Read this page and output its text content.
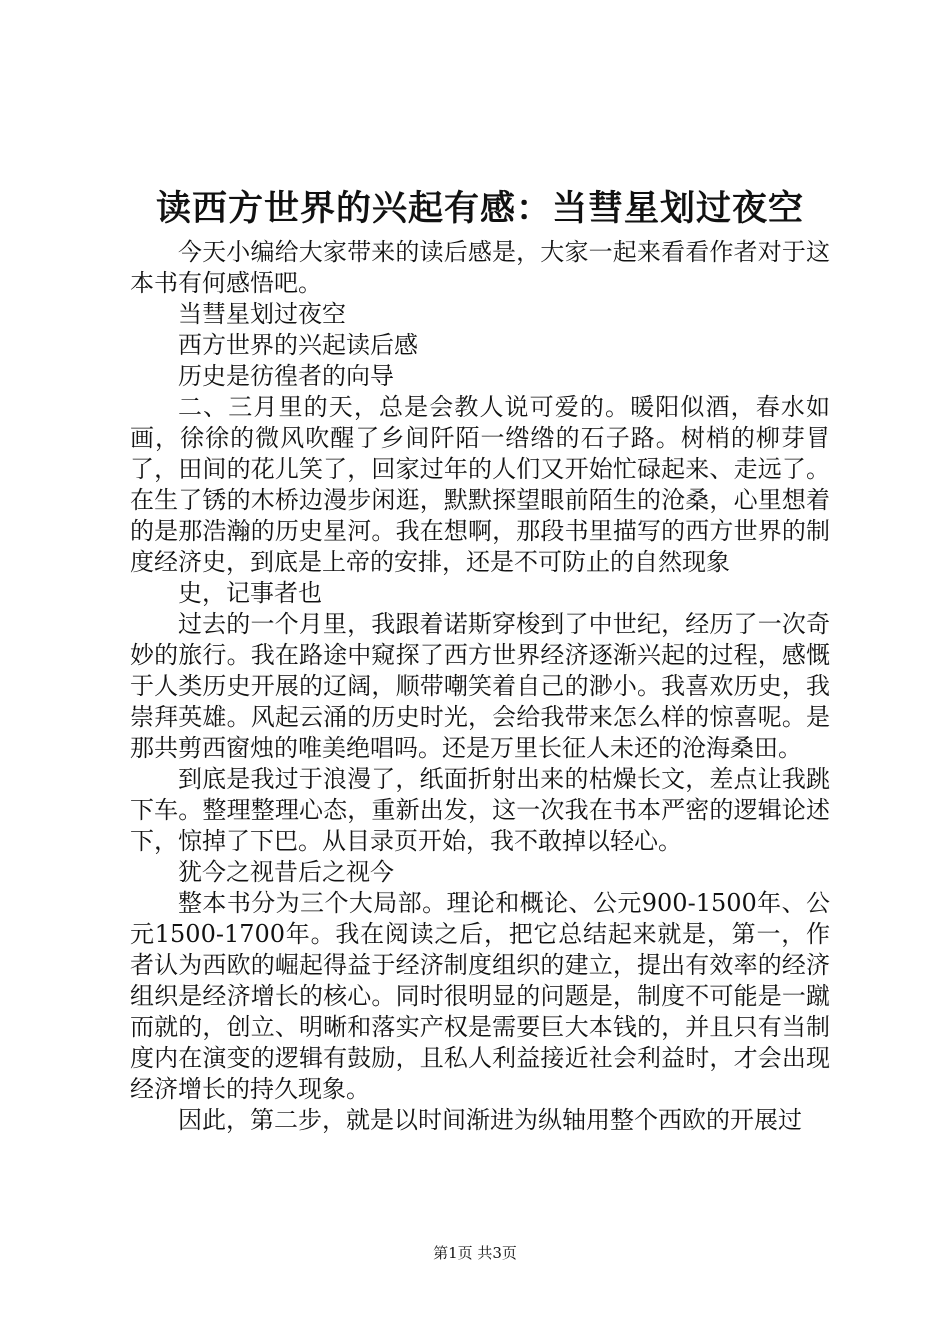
读西方世界的兴起有感：当彗星划过夜空

今天小编给大家带来的读后感是，大家一起来看看作者对于这本书有何感悟吧。

当彗星划过夜空

西方世界的兴起读后感

历史是彷徨者的向导

二、三月里的天，总是会教人说可爱的。暖阳似酒，春水如画，徐徐的微风吹醒了乡间阡陌一绺绺的石子路。树梢的柳芽冒了，田间的花儿笑了，回家过年的人们又开始忙碌起来、走远了。在生了锈的木桥边漫步闲逛，默默探望眼前陌生的沧桑，心里想着的是那浩瀚的历史星河。我在想啊，那段书里描写的西方世界的制度经济史，到底是上帝的安排，还是不可防止的自然现象

史，记事者也

过去的一个月里，我跟着诺斯穿梭到了中世纪，经历了一次奇妙的旅行。我在路途中窥探了西方世界经济逐渐兴起的过程，感慨于人类历史开展的辽阔，顺带嘲笑着自己的渺小。我喜欢历史，我崇拜英雄。风起云涌的历史时光，会给我带来怎么样的惊喜呢。是那共剪西窗烛的唯美绝唱吗。还是万里长征人未还的沧海桑田。

到底是我过于浪漫了，纸面折射出来的枯燥长文，差点让我跳下车。整理整理心态，重新出发，这一次我在书本严密的逻辑论述下，惊掉了下巴。从目录页开始，我不敢掉以轻心。

犹今之视昔后之视今

整本书分为三个大局部。理论和概论、公元900-1500年、公元1500-1700年。我在阅读之后，把它总结起来就是，第一，作者认为西欧的崛起得益于经济制度组织的建立，提出有效率的经济组织是经济增长的核心。同时很明显的问题是，制度不可能是一蹴而就的，创立、明晰和落实产权是需要巨大本钱的，并且只有当制度内在演变的逻辑有鼓励，且私人利益接近社会利益时，才会出现经济增长的持久现象。

因此，第二步，就是以时间渐进为纵轴用整个西欧的开展过

第1页 共3页
